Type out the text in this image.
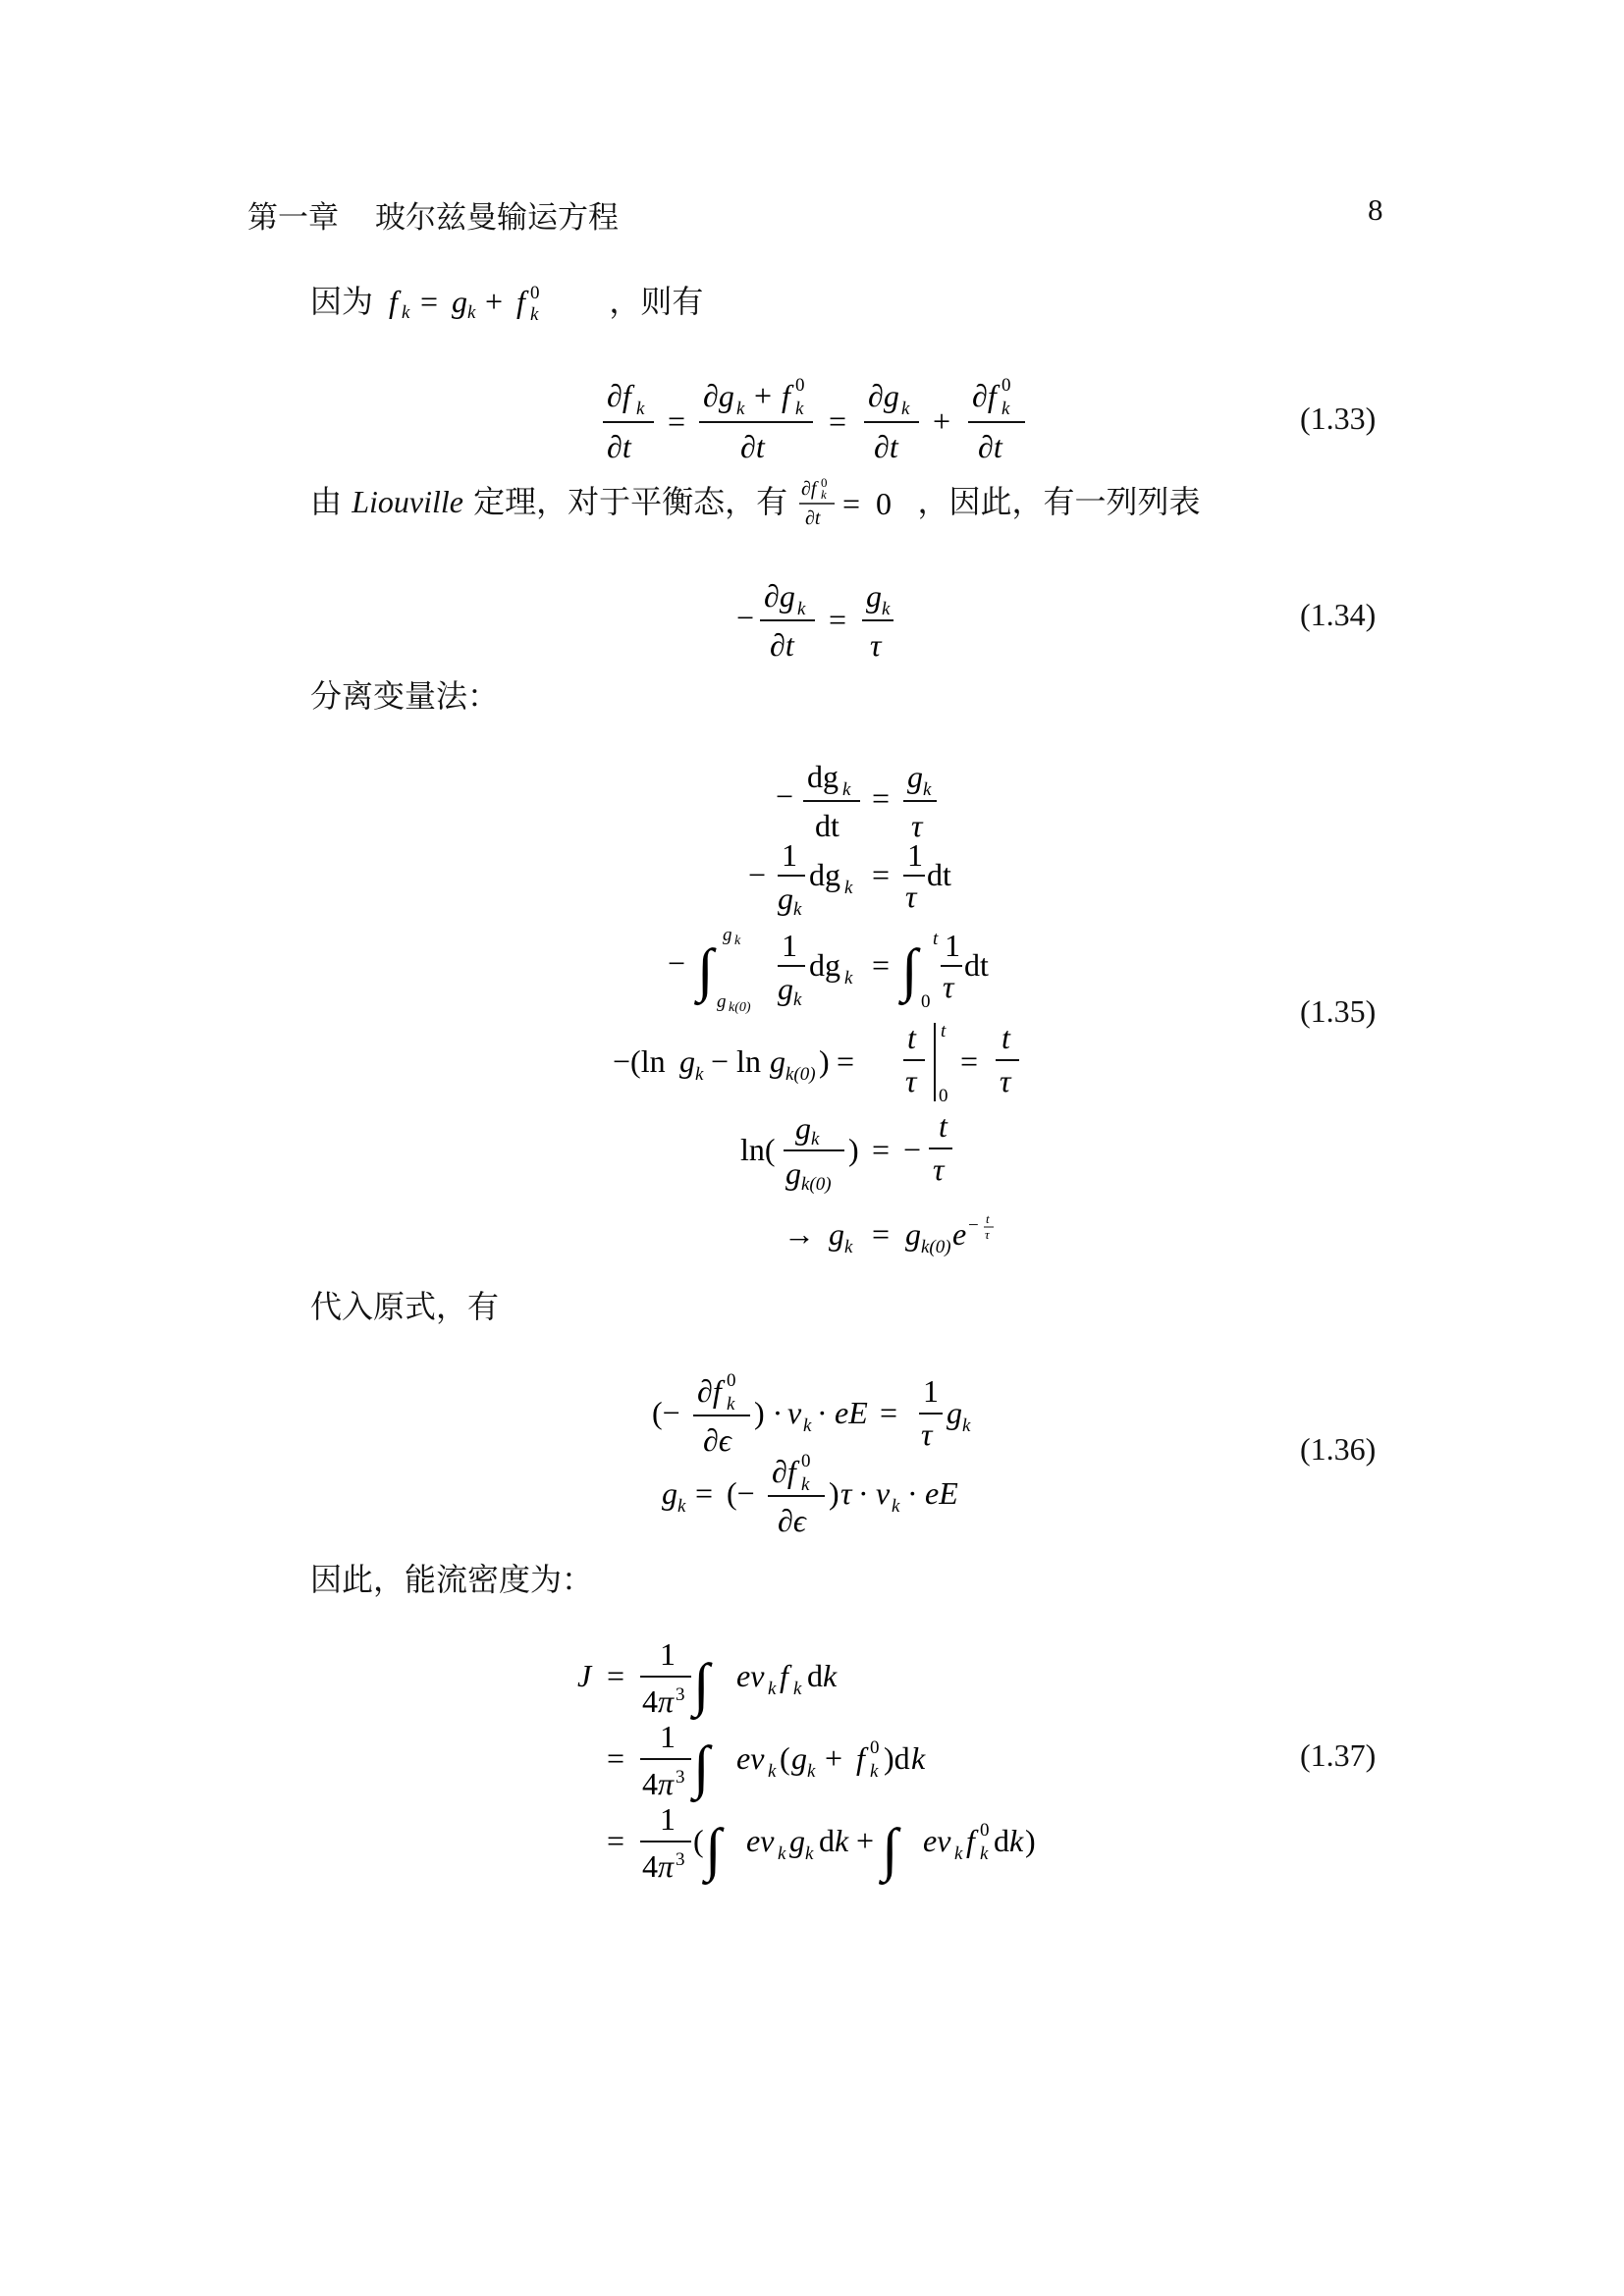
第一章 玻尔兹曼输运方程	8
因为 f k = g k + f 0
k ，则有
∂f k
∂t
=
∂g k + f 0
k
∂t
=
∂g k
∂t
+
∂f 0
k
∂t
(1.33)
由 Liouville 定理，对于平衡态，有 ∂f 0
k
∂t = 0 ，因此，有一列列表
−
∂g k
∂t
=
g k
τ
(1.34)
分离变量法：
−
dg k
dt
=
g k
τ
−
1
g k
dg k =
1
τ
dt
− ∫
g k
g k(0)
1
g k
dg k = ∫ t
0
1
τ
dt
−(ln g k − ln g k(0) ) =
t
τ
t
0
=
t
τ
ln(
g k
g k(0)
) = −
t
τ
→ g k = g k(0) e − t
τ
(1.35)
代入原式，有
(−
∂f 0
k
∂ϵ
) · v k · eE =
1
τ
g k
g k = (−
∂f 0
k
∂ϵ
) τ · v k · eE
(1.36)
因此，能流密度为：
J =
1
4 π 3 ∫ ev k f k d k
=
1
4 π 3 ∫ ev k ( g k + f 0
k )d k
=
1
4 π 3
( ∫ ev k g k d k + ∫ ev k f 0
k d k )
(1.37)
